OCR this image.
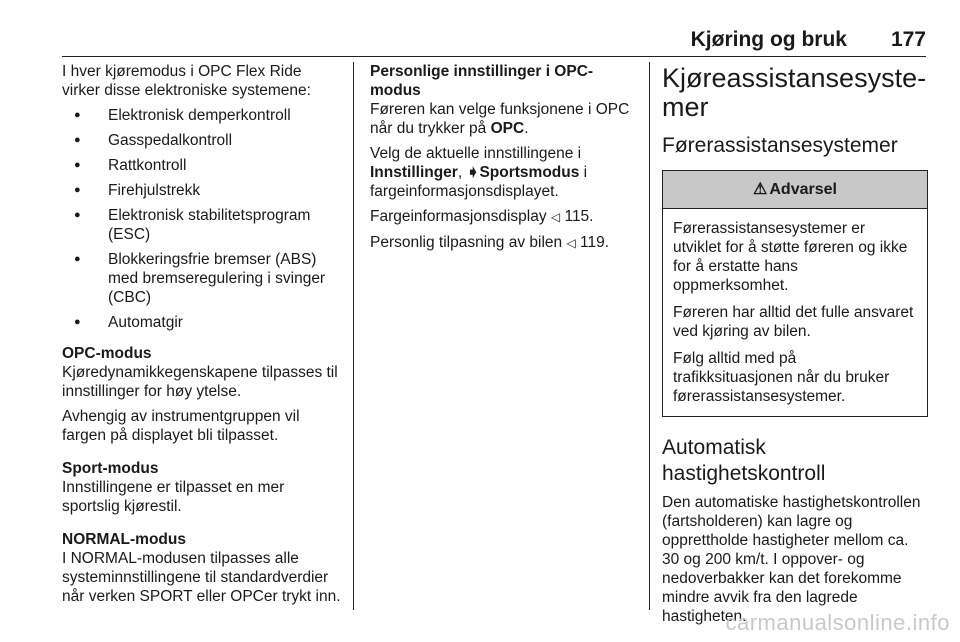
Kjøring og bruk 177

I hver kjøremodus i OPC Flex Ride virker disse elektroniske systemene:

● Elektronisk demperkontroll
● Gasspedalkontroll
● Rattkontroll
● Firehjulstrekk
● Elektronisk stabilitetsprogram (ESC)
● Blokkeringsfrie bremser (ABS) med bremseregulering i svinger (CBC)
● Automatgir
OPC-modus

Kjøredynamikkegenskapene tilpasses til innstillinger for høy ytelse.

Avhengig av instrumentgruppen vil fargen på displayet bli tilpasset.

Sport-modus

Innstillingene er tilpasset en mer sportslig kjørestil.

NORMAL-modus

I NORMAL-modusen tilpasses alle systeminnstillingene til standardverdier når verken SPORT eller OPCer trykt inn.

Personlige innstillinger i OPC-modus

Føreren kan velge funksjonene i OPC når du trykker på OPC.

Velg de aktuelle innstillingene i Innstillinger, ➧Sportsmodus i fargeinformasjonsdisplayet.

Fargeinformasjonsdisplay ◁ 115.

Personlig tilpasning av bilen ◁ 119.

Kjøreassistansesyste-
mer
Førerassistansesystemer
⚠ Advarsel

Førerassistansesystemer er utviklet for å støtte føreren og ikke for å erstatte hans oppmerksomhet.

Føreren har alltid det fulle ansvaret ved kjøring av bilen.

Følg alltid med på trafikksituasjonen når du bruker førerassistansesystemer.

Automatisk hastighetskontroll

Den automatiske hastighetskontrollen (fartsholderen) kan lagre og opprettholde hastigheter mellom ca. 30 og 200 km/t. I oppover- og nedoverbakker kan det forekomme mindre avvik fra den lagrede hastigheten.

carmanualsonline.info
